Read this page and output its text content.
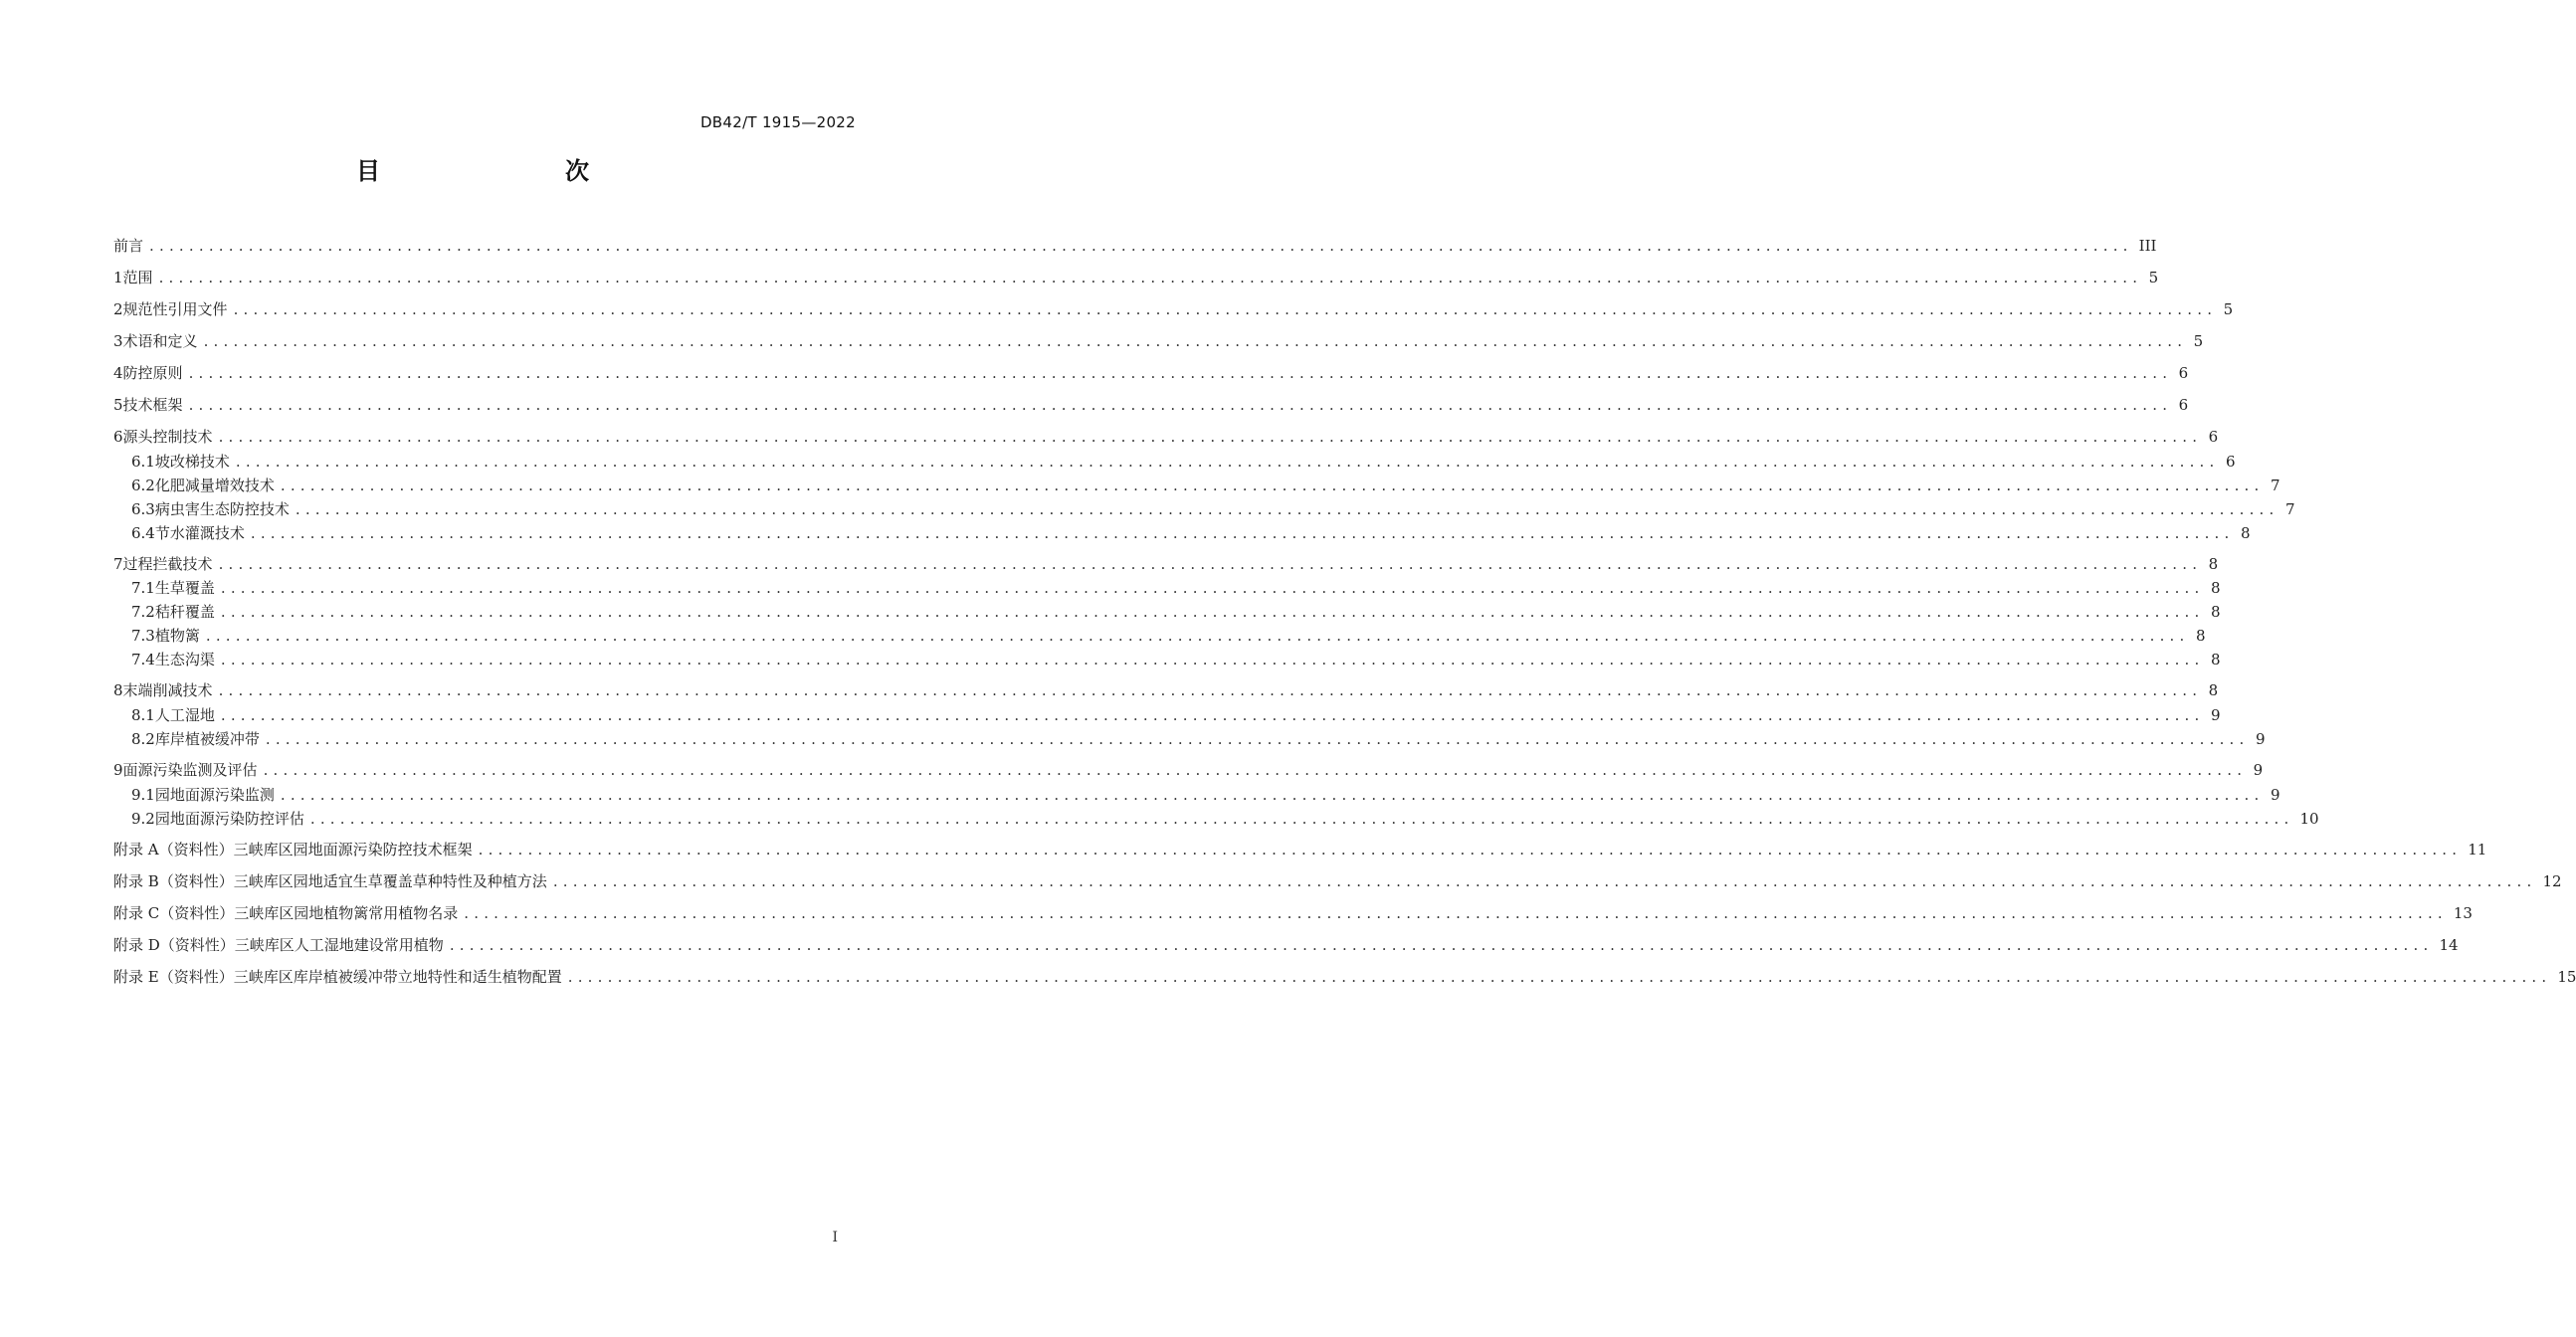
DB42/T 1915—2022
目　　次
前言 ........................................................................................................................................................................................................ III
1 范围 ........................................................................................................................................................................................................ 5
2 规范性引用文件 ........................................................................................................................................................................................................ 5
3 术语和定义 ........................................................................................................................................................................................................ 5
4 防控原则 ........................................................................................................................................................................................................ 6
5 技术框架 ........................................................................................................................................................................................................ 6
6 源头控制技术 ........................................................................................................................................................................................................ 6
6.1 坡改梯技术 ........................................................................................................................................................................................................ 6
6.2 化肥减量增效技术 ........................................................................................................................................................................................................ 7
6.3 病虫害生态防控技术 ........................................................................................................................................................................................................ 7
6.4 节水灌溉技术 ........................................................................................................................................................................................................ 8
7 过程拦截技术 ........................................................................................................................................................................................................ 8
7.1 生草覆盖 ........................................................................................................................................................................................................ 8
7.2 秸秆覆盖 ........................................................................................................................................................................................................ 8
7.3 植物篱 ........................................................................................................................................................................................................ 8
7.4 生态沟渠 ........................................................................................................................................................................................................ 8
8 末端削减技术 ........................................................................................................................................................................................................ 8
8.1 人工湿地 ........................................................................................................................................................................................................ 9
8.2 库岸植被缓冲带 ........................................................................................................................................................................................................ 9
9 面源污染监测及评估 ........................................................................................................................................................................................................ 9
9.1 园地面源污染监测 ........................................................................................................................................................................................................ 9
9.2 园地面源污染防控评估 ........................................................................................................................................................................................................ 10
附录 A（资料性） 三峡库区园地面源污染防控技术框架 ........................................................................................................................................................................................................ 11
附录 B（资料性） 三峡库区园地适宜生草覆盖草种特性及种植方法 ........................................................................................................................................................................................................ 12
附录 C（资料性） 三峡库区园地植物篱常用植物名录 ........................................................................................................................................................................................................ 13
附录 D（资料性） 三峡库区人工湿地建设常用植物 ........................................................................................................................................................................................................ 14
附录 E（资料性） 三峡库区库岸植被缓冲带立地特性和适生植物配置 ........................................................................................................................................................................................................ 15
I
